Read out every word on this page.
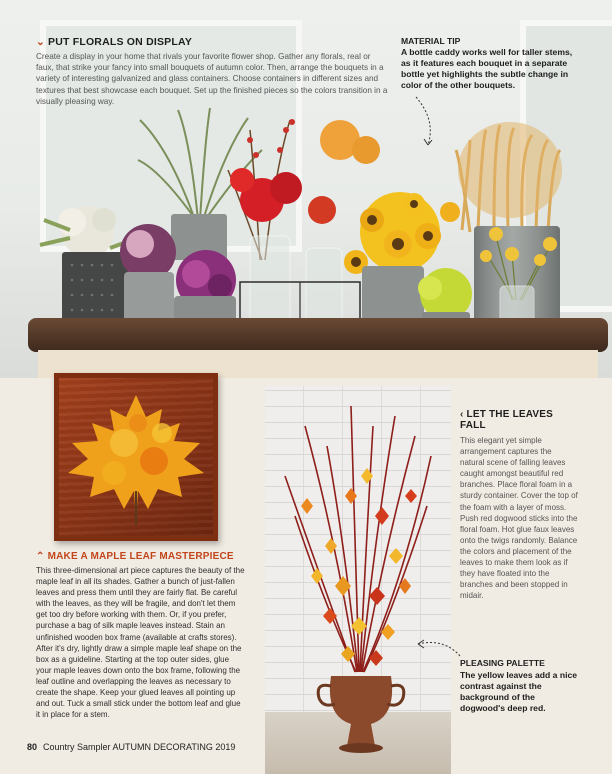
⌄ PUT FLORALS ON DISPLAY
Create a display in your home that rivals your favorite flower shop. Gather any florals, real or faux, that strike your fancy into small bouquets of autumn color. Then, arrange the bouquets in a variety of interesting galvanized and glass containers. Choose containers in different sizes and textures that best showcase each bouquet. Set up the finished pieces so the colors transition in a visually pleasing way.
MATERIAL TIP
A bottle caddy works well for taller stems, as it features each bouquet in a separate bottle yet highlights the subtle change in color of the other bouquets.
⌃ MAKE A MAPLE LEAF MASTERPIECE
This three-dimensional art piece captures the beauty of the maple leaf in all its shades. Gather a bunch of just-fallen leaves and press them until they are fairly flat. Be careful with the leaves, as they will be fragile, and don't let them get too dry before working with them. Or, if you prefer, purchase a bag of silk maple leaves instead. Stain an unfinished wooden box frame (available at crafts stores). After it's dry, lightly draw a simple maple leaf shape on the box as a guideline. Starting at the top outer sides, glue your maple leaves down onto the box frame, following the leaf outline and overlapping the leaves as necessary to create the shape. Keep your glued leaves all pointing up and out. Tuck a small stick under the bottom leaf and glue it in place for a stem.
‹ LET THE LEAVES FALL
This elegant yet simple arrangement captures the natural scene of falling leaves caught amongst beautiful red branches. Place floral foam in a sturdy container. Cover the top of the foam with a layer of moss. Push red dogwood sticks into the floral foam. Hot glue faux leaves onto the twigs randomly. Balance the colors and placement of the leaves to make them look as if they have floated into the branches and been stopped in midair.
PLEASING PALETTE
The yellow leaves add a nice contrast against the background of the dogwood's deep red.
80 Country Sampler AUTUMN DECORATING 2019
